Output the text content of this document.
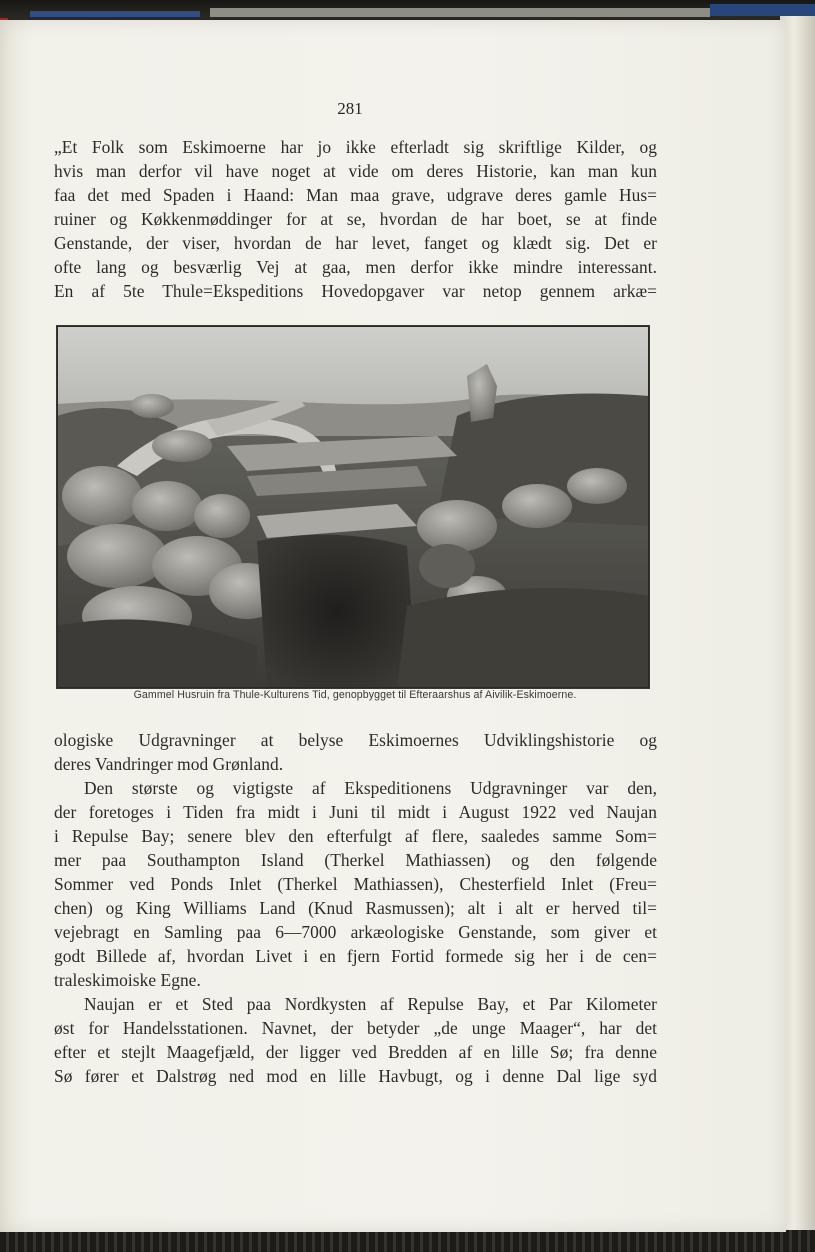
281
„Et Folk som Eskimoerne har jo ikke efterladt sig skriftlige Kilder, og
hvis man derfor vil have noget at vide om deres Historie, kan man kun
faa det med Spaden i Haand: Man maa grave, udgrave deres gamle Hus=
ruiner og Køkkenmøddinger for at se, hvordan de har boet, se at finde
Genstande, der viser, hvordan de har levet, fanget og klædt sig. Det er
ofte lang og besværlig Vej at gaa, men derfor ikke mindre interessant.
En af 5te Thule=Ekspeditions Hovedopgaver var netop gennem arkæ=
Gammel Husruin fra Thule-Kulturens Tid, genopbygget til Efteraarshus af Aivilik-Eskimoerne.
ologiske Udgravninger at belyse Eskimoernes Udviklingshistorie og
deres Vandringer mod Grønland.
Den største og vigtigste af Ekspeditionens Udgravninger var den,
der foretoges i Tiden fra midt i Juni til midt i August 1922 ved Naujan
i Repulse Bay; senere blev den efterfulgt af flere, saaledes samme Som=
mer paa Southampton Island (Therkel Mathiassen) og den følgende
Sommer ved Ponds Inlet (Therkel Mathiassen), Chesterfield Inlet (Freu=
chen) og King Williams Land (Knud Rasmussen); alt i alt er herved til=
vejebragt en Samling paa 6—7000 arkæologiske Genstande, som giver et
godt Billede af, hvordan Livet i en fjern Fortid formede sig her i de cen=
traleskimoiske Egne.
Naujan er et Sted paa Nordkysten af Repulse Bay, et Par Kilometer
øst for Handelsstationen. Navnet, der betyder „de unge Maager“, har det
efter et stejlt Maagefjæld, der ligger ved Bredden af en lille Sø; fra denne
Sø fører et Dalstrøg ned mod en lille Havbugt, og i denne Dal lige syd
